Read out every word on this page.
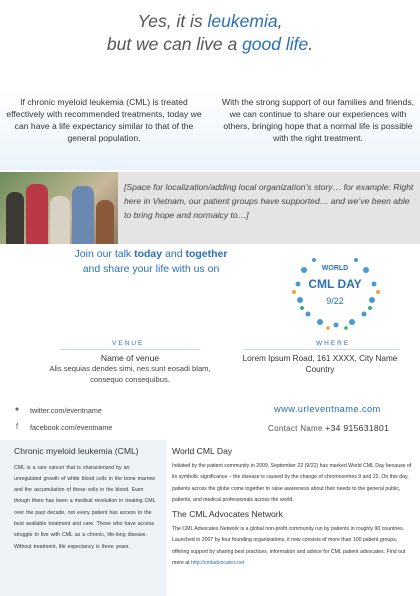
Yes, it is leukemia,
but we can live a good life.
If chronic myeloid leukemia (CML) is treated effectively with recommended treatments, today we can have a life expectancy similar to that of the general population.
With the strong support of our families and friends, we can continue to share our experiences with others, bringing hope that a normal life is possible with the right treatment.
[Space for localization/adding local organization’s story… for example: Right here in Vietnam, our patient groups have supported… and we’ve been able to bring hope and normalcy to…]
Join our talk today and together
and share your life with us on	WORLD
CML DAY
9/22
VENUE	WHERE
Name of venue
Alis sequias dendes simi, nes sunt eosadi blam, consequo consequibus.
Lorem Ipsum Road, 161 XXXX, City Name Country
✦ twitter.com/eventname
f	facebook.com/eventname
www.urleventname.com
Contact Name +34 915631801
Chronic myeloid leukemia (CML)
CML is a rare cancer that is characterized by an unregulated growth of white blood cells in the bone marrow and the accumulation of these cells in the blood. Even though there has been a medical revolution in treating CML over the past decade, not every patient has access to the best available treatment and care. Those who have access struggle to live with CML as a chronic, life-long disease. Without treatment, life expectancy is three years.
World CML Day
Initiated by the patient community in 2009, September 22 (9/22) has marked World CML Day because of its symbolic significance – the disease is caused by the change of chromosomes 9 and 22. On this day, patients across the globe come together to raise awareness about their needs to the general public, patients, and medical professionals across the world.
The CML Advocates Network
The CML Advocates Network is a global non-profit community run by patients in roughly 90 countries. Launched in 2007 by four founding organizations, it now consists of more than 100 patient groups, offering support by sharing best practices, information and advice for CML patient advocates. Find out more at http://cmladvocates.net
